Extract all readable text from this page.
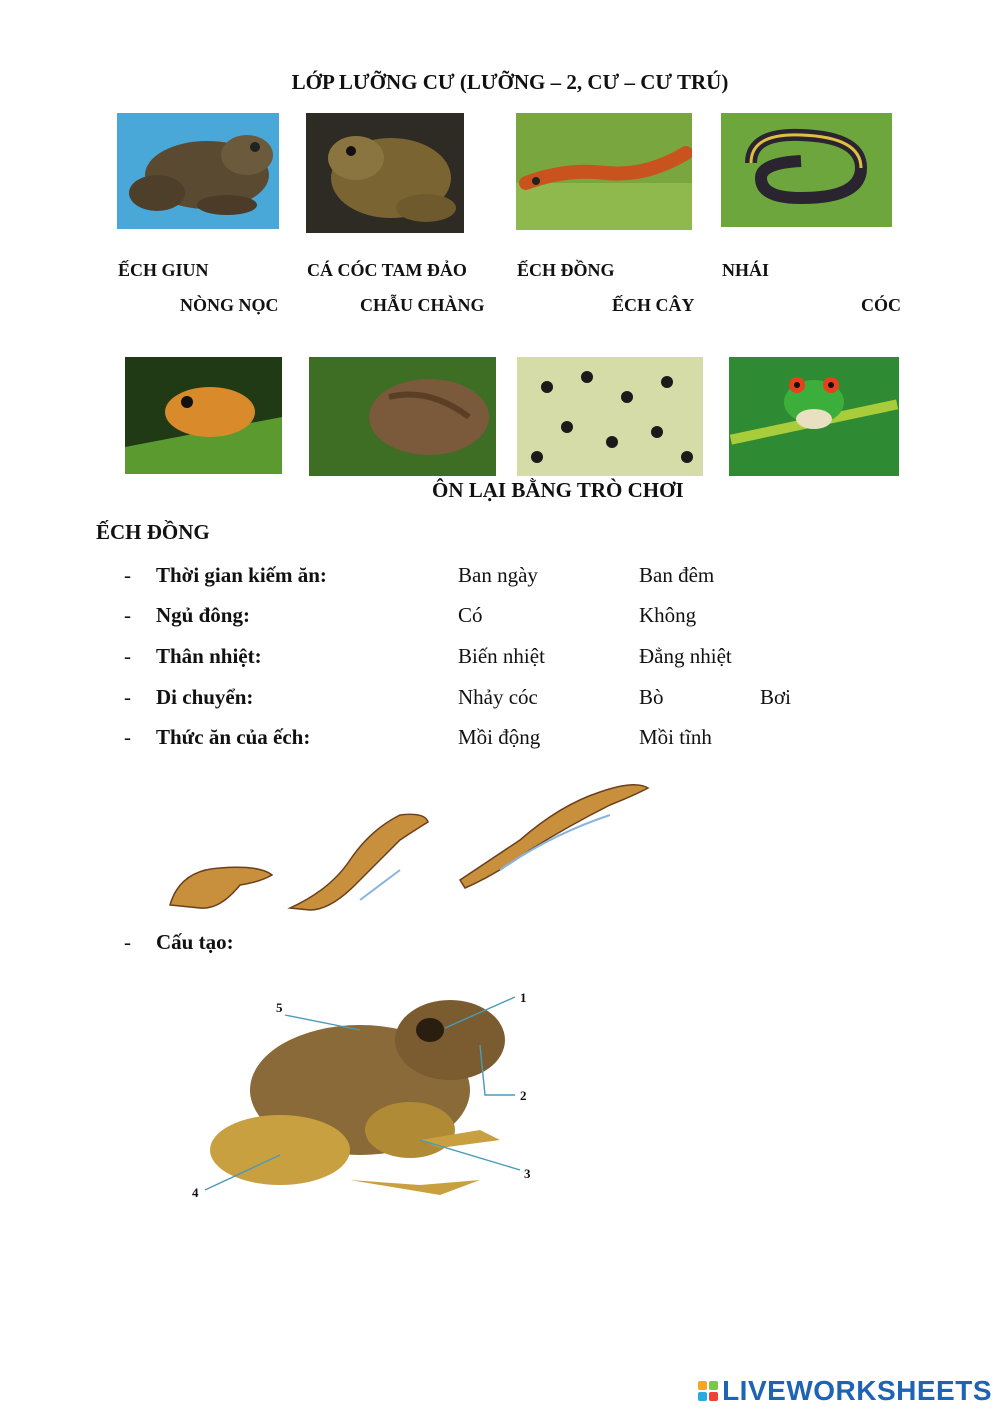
LỚP LƯỠNG CƯ (LƯỠNG – 2, CƯ – CƯ TRÚ)
ẾCH GIUN	CÁ CÓC TAM ĐẢO	ẾCH ĐỒNG	NHÁI
NÒNG NỌC	CHẪU CHÀNG	ẾCH CÂY	CÓC
ÔN LẠI BẰNG TRÒ CHƠI
ẾCH ĐỒNG
- Thời gian kiếm ăn:	Ban ngày	Ban đêm
- Ngủ đông:	Có	Không
- Thân nhiệt:	Biến nhiệt	Đẳng nhiệt
- Di chuyển:	Nhảy cóc	Bò	Bơi
- Thức ăn của ếch:	Mồi động	Mồi tĩnh
- Cấu tạo:
5
1
2
3
4
LIVEWORKSHEETS
